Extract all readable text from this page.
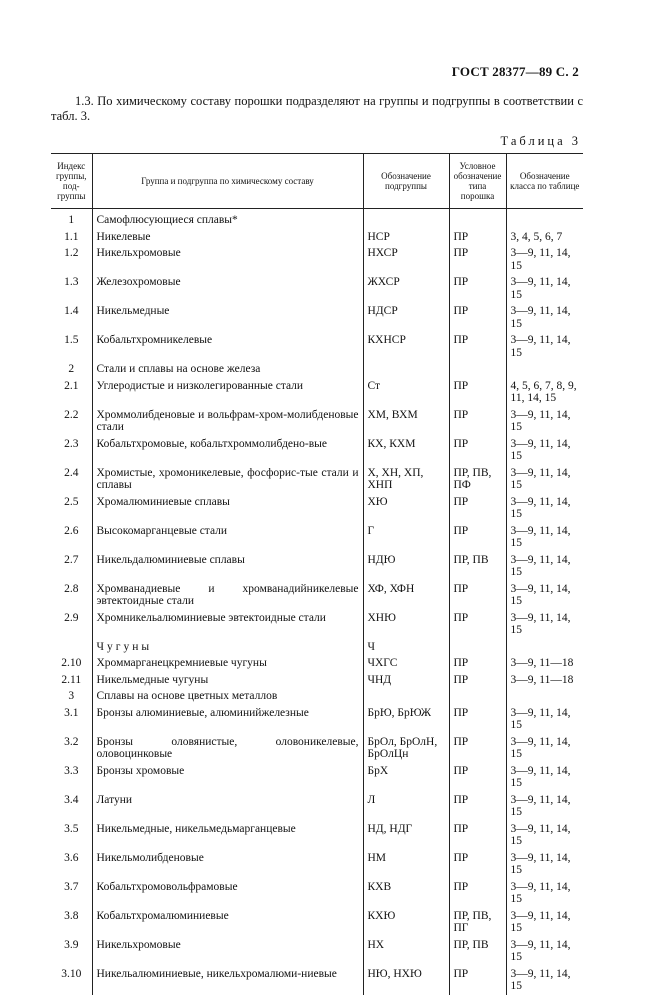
ГОСТ 28377—89 С. 2
1.3. По химическому составу порошки подразделяют на группы и подгруппы в соответствии с табл. 3.
Таблица 3
Индекс группы, под-группы	Группа и подгруппа по химическому составу	Обозначение подгруппы	Условное обозначение типа порошка	Обозначение класса по таблице
1	Самофлюсующиеся сплавы*			
1.1	Никелевые	НСР	ПР	3, 4, 5, 6, 7
1.2	Никельхромовые	НХСР	ПР	3—9, 11, 14, 15
1.3	Железохромовые	ЖХСР	ПР	3—9, 11, 14, 15
1.4	Никельмедные	НДСР	ПР	3—9, 11, 14, 15
1.5	Кобальтхромникелевые	КХНСР	ПР	3—9, 11, 14, 15
2	Стали и сплавы на основе железа			
2.1	Углеродистые и низколегированные стали	Ст	ПР	4, 5, 6, 7, 8, 9, 11, 14, 15
2.2	Хроммолибденовые и вольфрам-хром-молибденовые стали	ХМ, ВХМ	ПР	3—9, 11, 14, 15
2.3	Кобальтхромовые, кобальтхроммолибдено-вые	КХ, КХМ	ПР	3—9, 11, 14, 15
2.4	Хромистые, хромоникелевые, фосфорис-тые стали и сплавы	Х, ХН, ХП, ХНП	ПР, ПВ, ПФ	3—9, 11, 14, 15
2.5	Хромалюминиевые сплавы	ХЮ	ПР	3—9, 11, 14, 15
2.6	Высокомарганцевые стали	Г	ПР	3—9, 11, 14, 15
2.7	Никельдалюминиевые сплавы	НДЮ	ПР, ПВ	3—9, 11, 14, 15
2.8	Хромванадиевые и хромванадийникелевые эвтектоидные стали	ХФ, ХФН	ПР	3—9, 11, 14, 15
2.9	Хромникельалюминиевые эвтектоидные стали	ХНЮ	ПР	3—9, 11, 14, 15
	Чугуны	Ч		
2.10	Хроммарганецкремниевые чугуны	ЧХГС	ПР	3—9, 11—18
2.11	Никельмедные чугуны	ЧНД	ПР	3—9, 11—18
3	Сплавы на основе цветных металлов			
3.1	Бронзы алюминиевые, алюминийжелезные	БрЮ, БрЮЖ	ПР	3—9, 11, 14, 15
3.2	Бронзы оловянистые, оловоникелевые, оловоцинковые	БрОл, БрОлН, БрОлЦн	ПР	3—9, 11, 14, 15
3.3	Бронзы хромовые	БрХ	ПР	3—9, 11, 14, 15
3.4	Латуни	Л	ПР	3—9, 11, 14, 15
3.5	Никельмедные, никельмедьмарганцевые	НД, НДГ	ПР	3—9, 11, 14, 15
3.6	Никельмолибденовые	НМ	ПР	3—9, 11, 14, 15
3.7	Кобальтхромовольфрамовые	КХВ	ПР	3—9, 11, 14, 15
3.8	Кобальтхромалюминиевые	КХЮ	ПР, ПВ, ПГ	3—9, 11, 14, 15
3.9	Никельхромовые	НХ	ПР, ПВ	3—9, 11, 14, 15
3.10	Никельалюминиевые, никельхромалюми-ниевые	НЮ, НХЮ	ПР	3—9, 11, 14, 15
